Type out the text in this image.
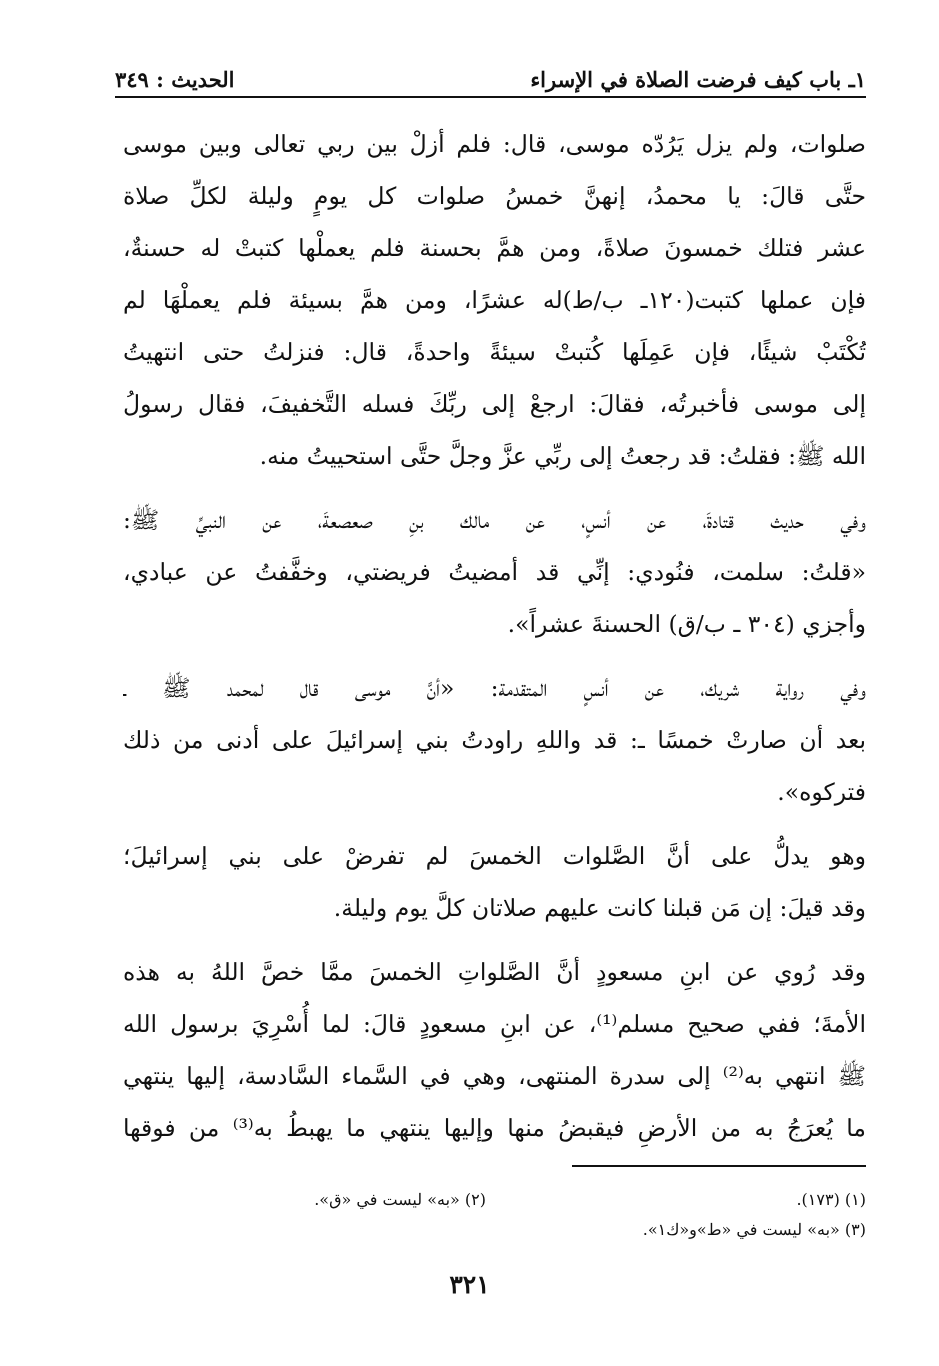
الحديث : ٣٤٩	١ـ باب كيف فرضت الصلاة في الإسراء
صلوات، ولم يزل يَرُدّه موسى، قال: فلم أزلْ بين ربي تعالى وبين موسى
حتَّى قالَ: يا محمدُ، إنهنَّ خمسُ صلوات كل يومٍ وليلة لكلِّ صلاة
عشر فتلك خمسونَ صلاةً، ومن همَّ بحسنة فلم يعملْها كتبتْ له حسنةٌ،
فإن عملها كتبت(١٢٠ـ ب/ط)له عشرًا، ومن همَّ بسيئة فلم يعملْهَا لم
تُكْتَبْ شيئًا، فإن عَمِلَها كُتبتْ سيئةً واحدةً، قال: فنزلتُ حتى انتهيتُ
إلى موسى فأخبرتُه، فقالَ: ارجعْ إلى ربِّكَ فسله التَّخفيفَ، فقال رسولُ
الله ﷺ: فقلتُ: قد رجعتُ إلى ربِّي عزَّ وجلَّ حتَّى استحييتُ منه.
وفي حديث قتادةَ، عن أنسٍ، عن مالك بنِ صعصعةَ، عن النبيِّ ﷺ:
«قلتُ: سلمت، فنُودي: إنِّي قد أمضيتُ فريضتي، وخفَّفتُ عن عبادي،
وأجزي (٣٠٤ ـ ب/ق) الحسنةَ عشراً».
وفي رواية شريك، عن أنسٍ المتقدمة: «أنَّ موسى قال لمحمد ﷺ ـ
بعد أن صارتْ خمسًا ـ: قد واللهِ راودتُ بني إسرائيلَ على أدنى من ذلك
فتركوه».
وهو يدلُّ على أنَّ الصَّلوات الخمسَ لم تفرضْ على بني إسرائيلَ؛
وقد قيلَ: إن مَن قبلنا كانت عليهم صلاتان كلَّ يوم وليلة.
وقد رُوي عن ابنِ مسعودٍ أنَّ الصَّلواتِ الخمسَ ممَّا خصَّ اللهُ به هذه
الأمةَ؛ ففي صحيح مسلم⁽¹⁾، عن ابنِ مسعودٍ قالَ: لما أُسْرِيَ برسول الله
ﷺ انتهي به⁽²⁾ إلى سدرة المنتهى، وهي في السَّماء السَّادسة، إليها ينتهي
ما يُعرَجُ به من الأرضِ فيقبضُ منها وإليها ينتهي ما يهبطُ به⁽³⁾ من فوقها
(١) (١٧٣).
(٢) «به» ليست في «ق».
(٣) «به» ليست في «ط»و«ك١».
٣٢١
